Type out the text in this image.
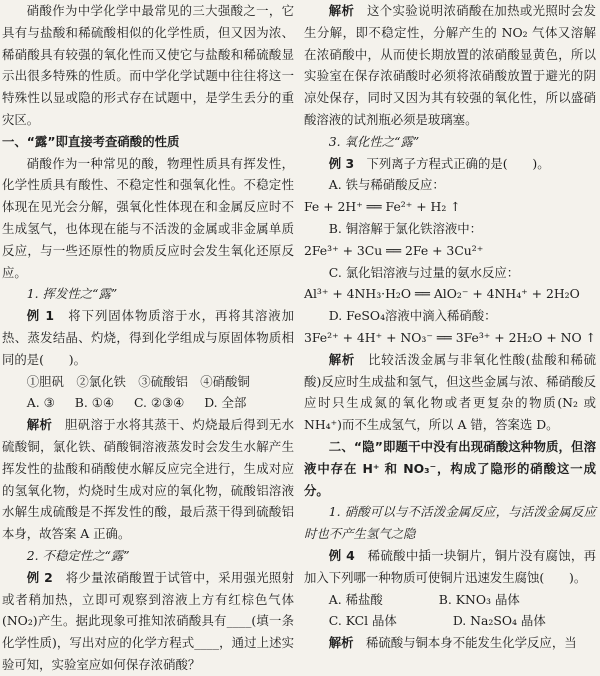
硝酸作为中学化学中最常见的三大强酸之一，它具有与盐酸和稀硫酸相似的化学性质，但又因为浓、稀硝酸具有较强的氧化性而又使它与盐酸和稀硫酸显示出很多特殊的性质。而中学化学试题中往往将这一特殊性以显或隐的形式存在试题中，是学生丢分的重灾区。

一、“露”即直接考查硝酸的性质

硝酸作为一种常见的酸，物理性质具有挥发性，化学性质具有酸性、不稳定性和强氧化性。不稳定性体现在见光会分解，强氧化性体现在和金属反应时不生成氢气，也体现在能与不活泼的金属或非金属单质反应，与一些还原性的物质反应时会发生氧化还原反应。

1. 挥发性之“露”

例 1　 将下列固体物质溶于水，再将其溶液加热、蒸发结晶、灼烧，得到化学组成与原固体物质相同的是(　　)。

①胆矾　②氯化铁　③硫酸铝　④硝酸铜

A. ③ B. ①④ C. ②③④ D. 全部

解析　 胆矾溶于水将其蒸干、灼烧最后得到无水硫酸铜，氯化铁、硝酸铜溶液蒸发时会发生水解产生挥发性的盐酸和硝酸使水解反应完全进行，生成对应的氢氧化物，灼烧时生成对应的氧化物，硫酸铝溶液水解生成硫酸是不挥发性的酸，最后蒸干得到硫酸铝本身，故答案 A 正确。

2. 不稳定性之“露”

例 2　 将少量浓硝酸置于试管中，采用强光照射或者稍加热，立即可观察到溶液上方有红棕色气体(NO₂)产生。据此现象可推知浓硝酸具有____(填一条化学性质)，写出对应的化学方程式____，通过上述实验可知，实验室应如何保存浓硝酸？

解析　 这个实验说明浓硝酸在加热或光照时会发生分解，即不稳定性，分解产生的 NO₂ 气体又溶解在浓硝酸中，从而使长期放置的浓硝酸显黄色，所以实验室在保存浓硝酸时必须将浓硝酸放置于避光的阴凉处保存，同时又因为其有较强的氧化性，所以盛硝酸溶液的试剂瓶必须是玻璃塞。

3. 氧化性之“露”

例 3　 下列离子方程式正确的是(　　)。

A. 铁与稀硝酸反应：

Fe + 2H⁺ ══ Fe²⁺ + H₂ ↑

B. 铜溶解于氯化铁溶液中：

2Fe³⁺ + 3Cu ══ 2Fe + 3Cu²⁺

C. 氯化铝溶液与过量的氨水反应：

Al³⁺ + 4NH₃·H₂O ══ AlO₂⁻ + 4NH₄⁺ + 2H₂O

D. FeSO₄溶液中滴入稀硝酸：

3Fe²⁺ + 4H⁺ + NO₃⁻ ══ 3Fe³⁺ + 2H₂O + NO ↑

解析　 比较活泼金属与非氧化性酸(盐酸和稀硫酸)反应时生成盐和氢气，但这些金属与浓、稀硝酸反应时只生成氮的氧化物或者更复杂的物质(N₂ 或 NH₄⁺)而不生成氢气，所以 A 错，答案选 D。

二、“隐”即题干中没有出现硝酸这种物质，但溶液中存在 H⁺ 和 NO₃⁻，构成了隐形的硝酸这一成分。

1. 硝酸可以与不活泼金属反应，与活泼金属反应时也不产生氢气之隐

例 4　 稀硫酸中插一块铜片，铜片没有腐蚀，再加入下列哪一种物质可使铜片迅速发生腐蚀(　　)。

A. 稀盐酸	B. KNO₃ 晶体
C. KCl 晶体	D. Na₂SO₄ 晶体

解析　 稀硫酸与铜本身不能发生化学反应，当
